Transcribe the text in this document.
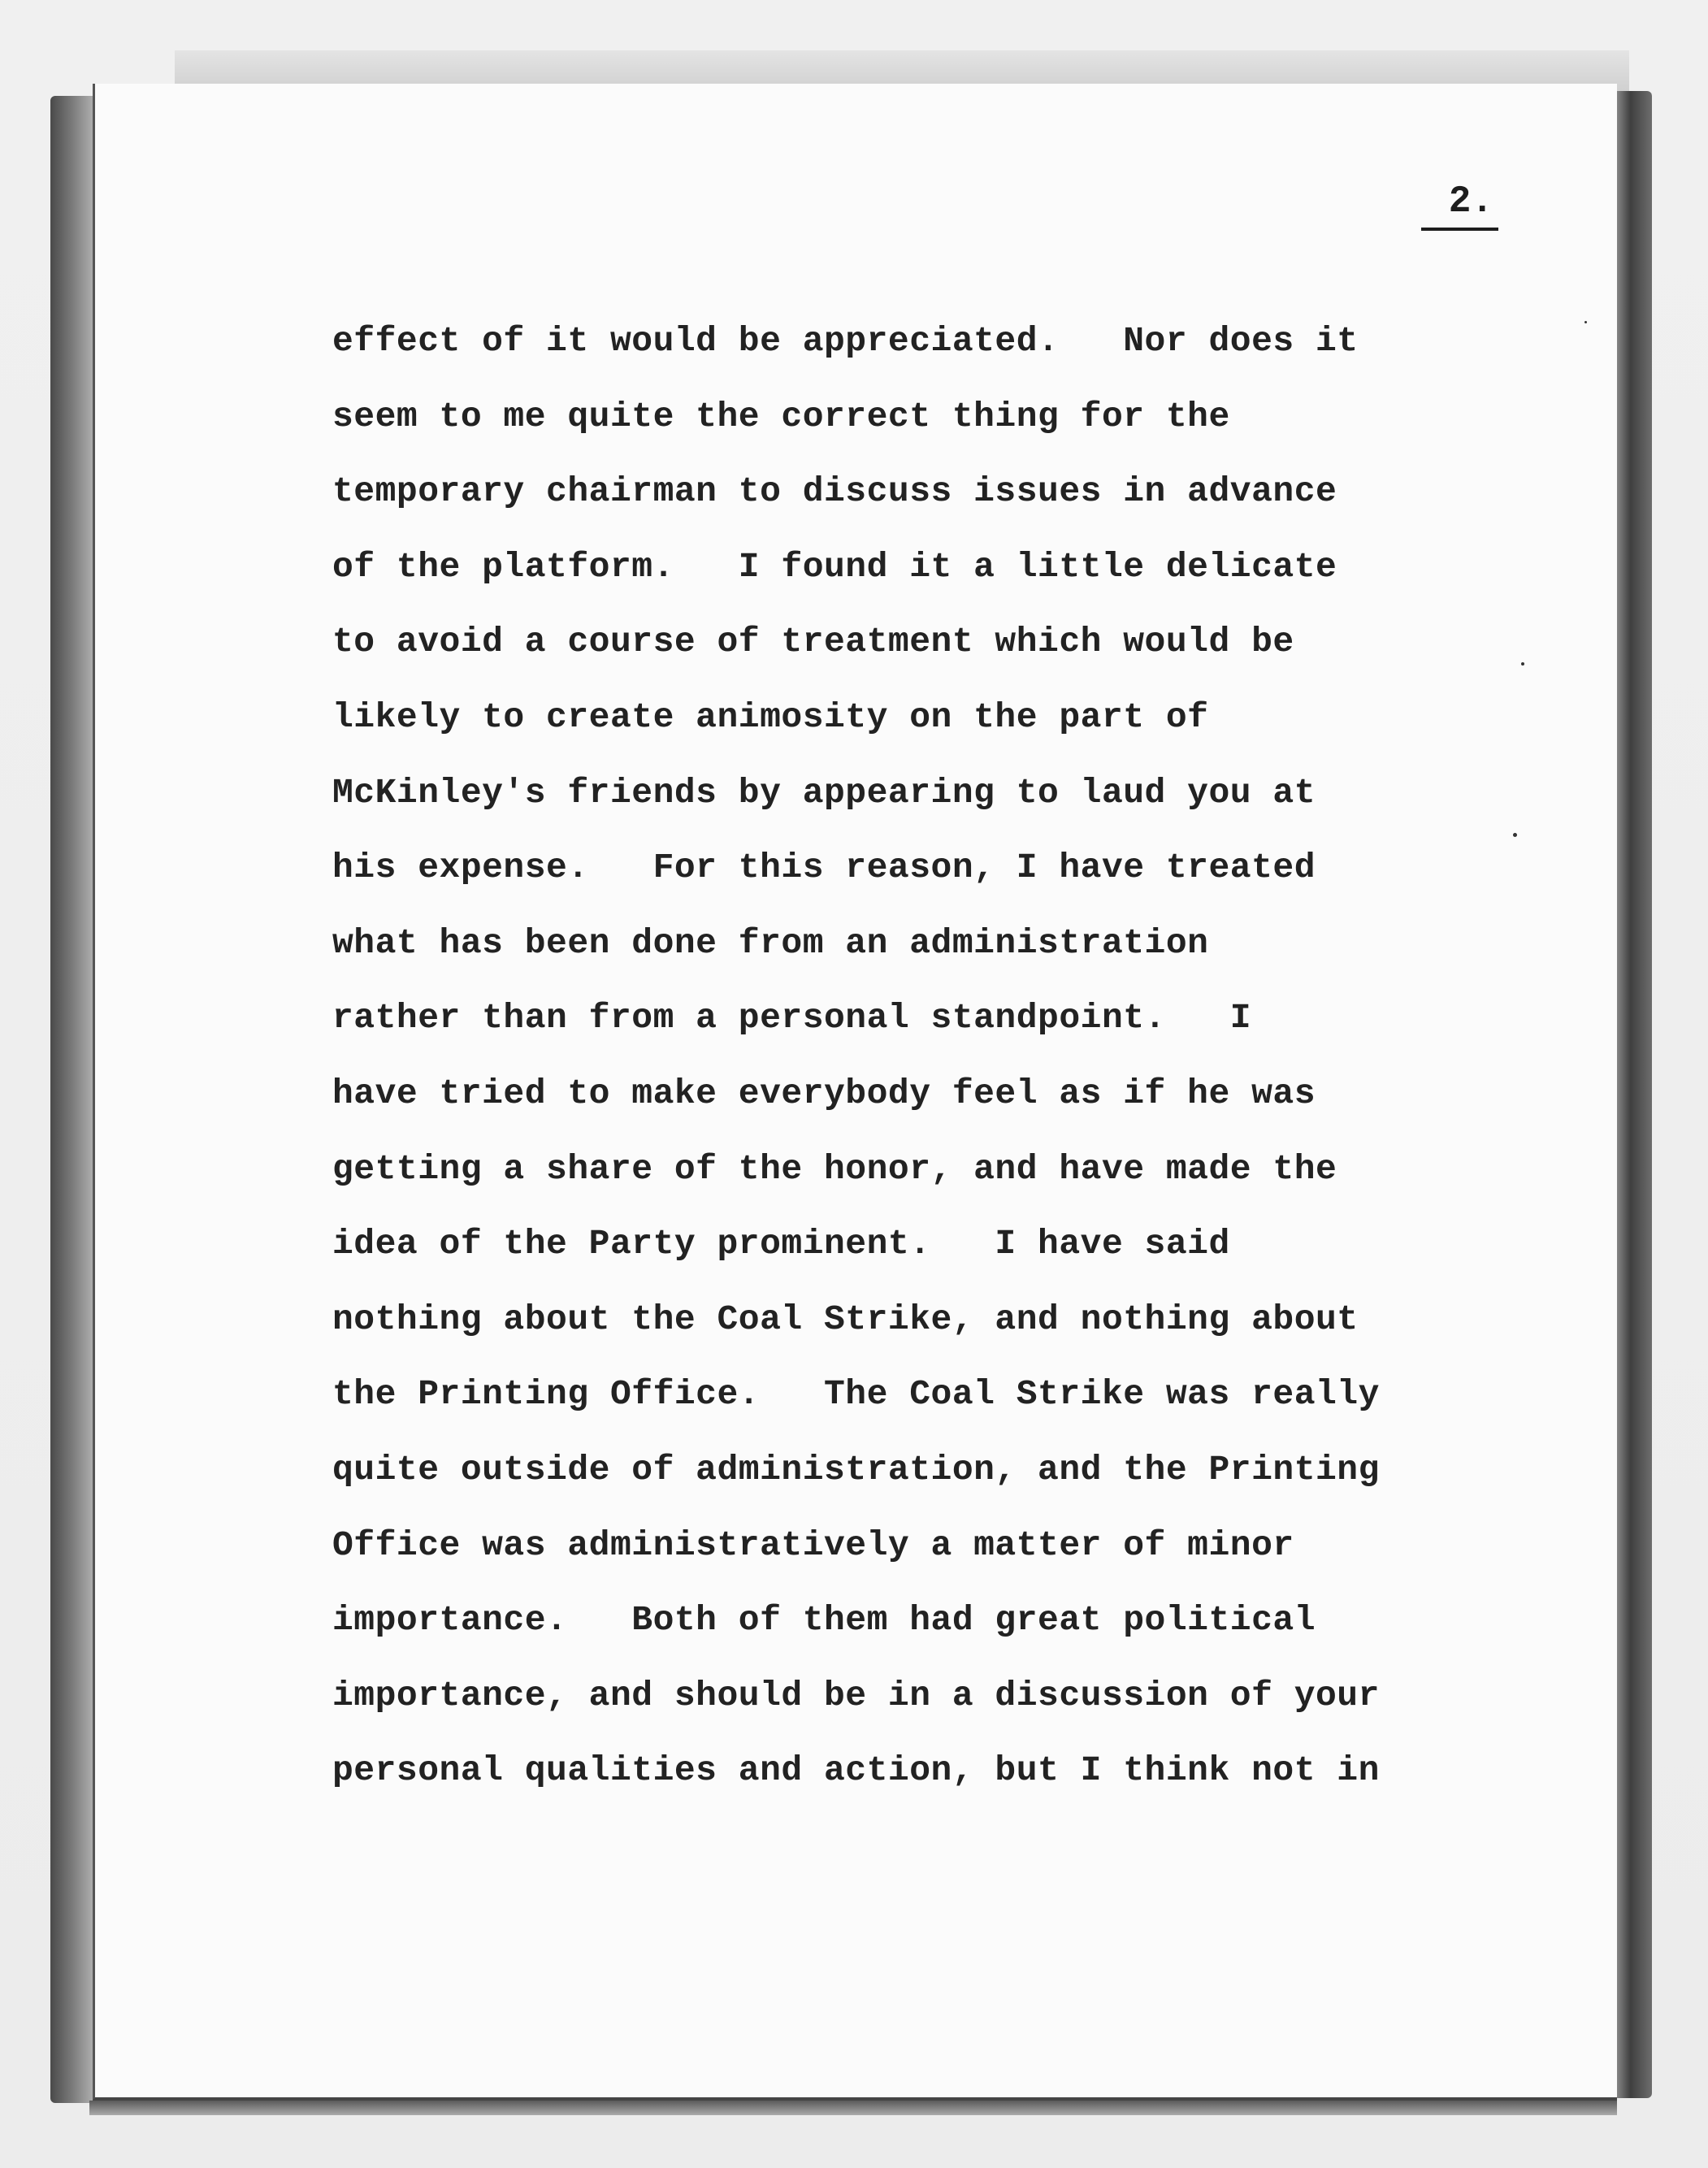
2.
effect of it would be appreciated.   Nor does it
seem to me quite the correct thing for the
temporary chairman to discuss issues in advance
of the platform.   I found it a little delicate
to avoid a course of treatment which would be
likely to create animosity on the part of
McKinley's friends by appearing to laud you at
his expense.   For this reason, I have treated
what has been done from an administration
rather than from a personal standpoint.   I
have tried to make everybody feel as if he was
getting a share of the honor, and have made the
idea of the Party prominent.   I have said
nothing about the Coal Strike, and nothing about
the Printing Office.   The Coal Strike was really
quite outside of administration, and the Printing
Office was administratively a matter of minor
importance.   Both of them had great political
importance, and should be in a discussion of your
personal qualities and action, but I think not in
